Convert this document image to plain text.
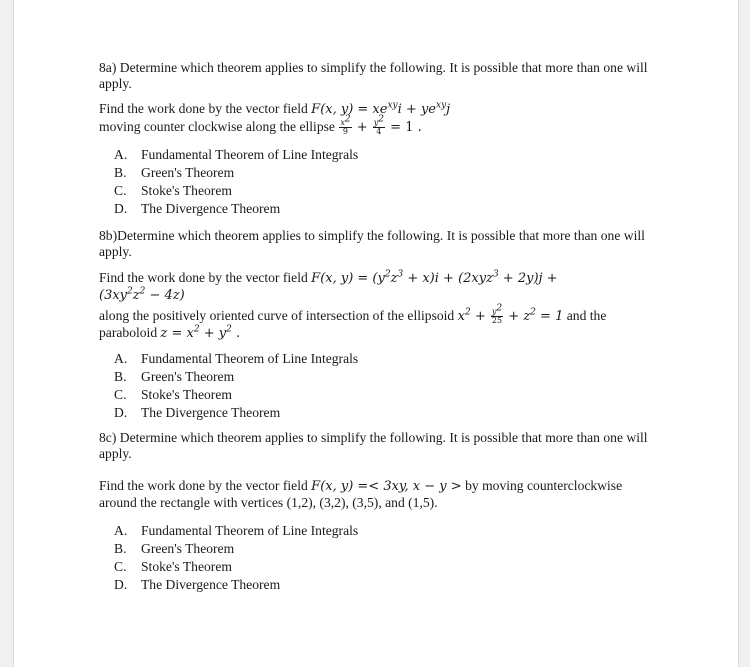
8a) Determine which theorem applies to simplify the following. It is possible that more than one will apply.

Find the work done by the vector field F(x, $y) = xe^{xy}i + ye^{xy}j$

moving counter clockwise along the ellipse $\frac{x^2}{9} + \frac{y^2}{4} = 1$ .

A. Fundamental Theorem of Line Integrals
B. Green's Theorem
C. Stoke's Theorem
D. The Divergence Theorem

8b)Determine which theorem applies to simplify the following. It is possible that more than one will apply.

Find the work done by the vector field F(x, $y) = (y^2z^3 + x)i + (2xyz^3 + 2y)j$ +
$(3xy^2z^2 - 4z)$

along the positively oriented curve of intersection of the ellipsoid $x^2 + \frac{y^2}{25} + z^2 = 1$ and the
paraboloid $z = x^2 + y^2$ .

A. Fundamental Theorem of Line Integrals
B. Green's Theorem
C. Stoke's Theorem
D. The Divergence Theorem

8c) Determine which theorem applies to simplify the following. It is possible that more than one will apply.

Find the work done by the vector field F(x, y) =< 3xy, x − y > by moving counterclockwise
around the rectangle with vertices (1,2), (3,2), (3,5), and (1,5).

A. Fundamental Theorem of Line Integrals
B. Green's Theorem
C. Stoke's Theorem
D. The Divergence Theorem
